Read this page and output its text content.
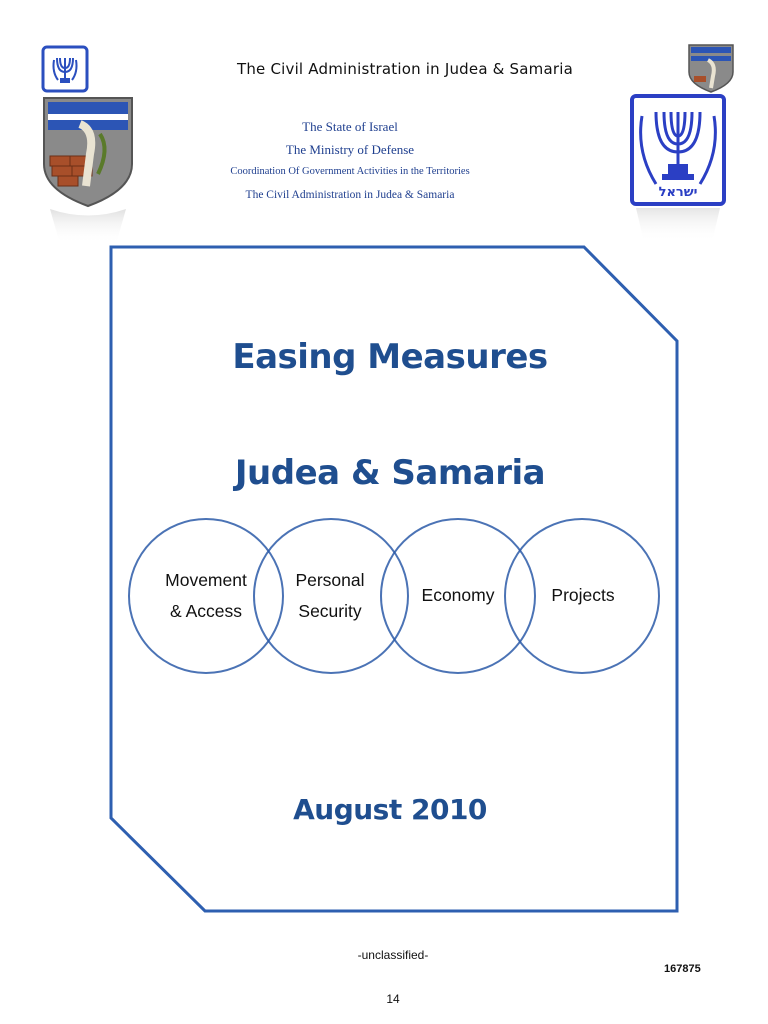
The Civil Administration in Judea & Samaria
The State of Israel
The Ministry of Defense
Coordination Of Government Activities in the Territories
The Civil Administration in Judea & Samaria	ישראל
Easing Measures
Judea & Samaria
August 2010
Movement
& Access
Personal
Security
Economy	Projects
-unclassified-
167875
14
